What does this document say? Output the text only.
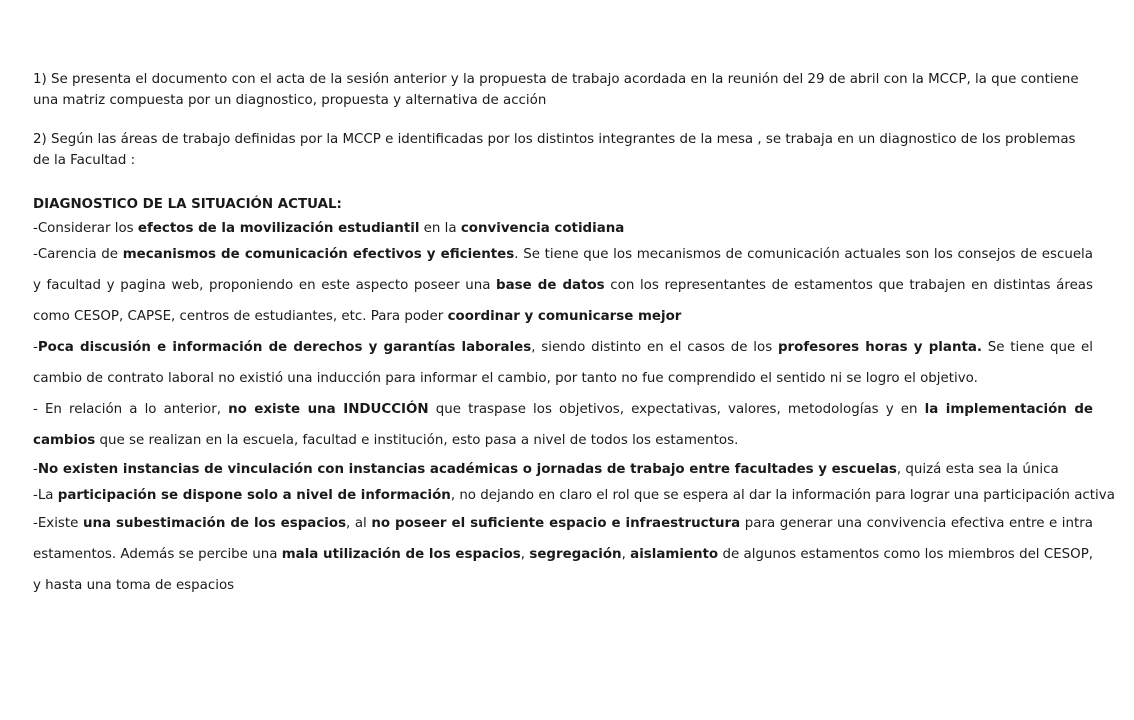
1) Se presenta el documento con el acta de la sesión anterior y la propuesta de trabajo acordada en la reunión del 29 de abril con la MCCP, la que contiene una matriz compuesta por un diagnostico, propuesta y alternativa de acción

2) Según las áreas de trabajo definidas por la MCCP e identificadas por los distintos integrantes de la mesa , se trabaja en un diagnostico de los problemas de la Facultad :

DIAGNOSTICO DE LA SITUACIÓN ACTUAL:

-Considerar los efectos de la movilización estudiantil en la convivencia cotidiana

-Carencia de mecanismos de comunicación efectivos y eficientes. Se tiene que los mecanismos de comunicación actuales son los consejos de escuela y facultad y pagina web, proponiendo en este aspecto poseer una base de datos con los representantes de estamentos que trabajen en distintas áreas como CESOP, CAPSE, centros de estudiantes, etc. Para poder coordinar y comunicarse mejor

-Poca discusión e información de derechos y garantías laborales, siendo distinto en el casos de los profesores horas y planta. Se tiene que el cambio de contrato laboral no existió una inducción para informar el cambio, por tanto no fue comprendido el sentido ni se logro el objetivo.

- En relación a lo anterior, no existe una INDUCCIÓN que traspase los objetivos, expectativas, valores, metodologías y en la implementación de cambios que se realizan en la escuela, facultad e institución, esto pasa a nivel de todos los estamentos.

-No existen instancias de vinculación con instancias académicas o jornadas de trabajo entre facultades y escuelas, quizá esta sea la única

-La participación se dispone solo a nivel de información, no dejando en claro el rol que se espera al dar la información para lograr una participación activa

-Existe una subestimación de los espacios, al no poseer el suficiente espacio e infraestructura para generar una convivencia efectiva entre e intra estamentos. Además se percibe una mala utilización de los espacios, segregación, aislamiento de algunos estamentos como los miembros del CESOP, y hasta una toma de espacios
